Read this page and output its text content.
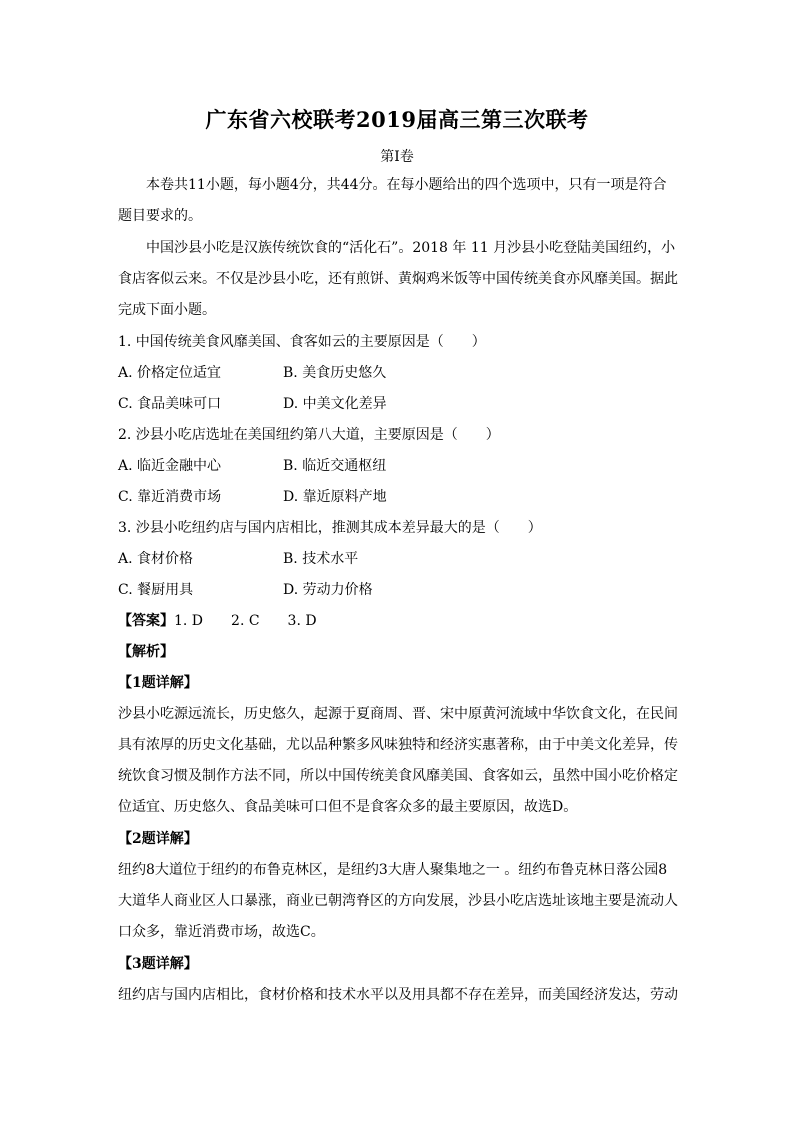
广东省六校联考2019届高三第三次联考
第Ⅰ卷

本卷共11小题，每小题4分，共44分。在每小题给出的四个选项中，只有一项是符合题目要求的。

中国沙县小吃是汉族传统饮食的“活化石”。2018 年 11 月沙县小吃登陆美国纽约，小食店客似云来。不仅是沙县小吃，还有煎饼、黄焖鸡米饭等中国传统美食亦风靡美国。据此完成下面小题。

1. 中国传统美食风靡美国、食客如云的主要原因是（　　）
A. 价格定位适宜	B. 美食历史悠久
C. 食品美味可口	D. 中美文化差异
2. 沙县小吃店选址在美国纽约第八大道，主要原因是（　　）
A. 临近金融中心	B. 临近交通枢纽
C. 靠近消费市场	D. 靠近原料产地
3. 沙县小吃纽约店与国内店相比，推测其成本差异最大的是（　　）
A. 食材价格	B. 技术水平
C. 餐厨用具	D. 劳动力价格
【答案】1. D　　2. C　　3. D
【解析】
【1题详解】

沙县小吃源远流长，历史悠久，起源于夏商周、晋、宋中原黄河流域中华饮食文化，在民间具有浓厚的历史文化基础，尤以品种繁多风味独特和经济实惠著称，由于中美文化差异，传统饮食习惯及制作方法不同，所以中国传统美食风靡美国、食客如云，虽然中国小吃价格定位适宜、历史悠久、食品美味可口但不是食客众多的最主要原因，故选D。

【2题详解】

纽约8大道位于纽约的布鲁克林区，是纽约3大唐人聚集地之一 。纽约布鲁克林日落公园8大道华人商业区人口暴涨，商业已朝湾脊区的方向发展，沙县小吃店选址该地主要是流动人口众多，靠近消费市场，故选C。

【3题详解】

纽约店与国内店相比，食材价格和技术水平以及用具都不存在差异，而美国经济发达，劳动
